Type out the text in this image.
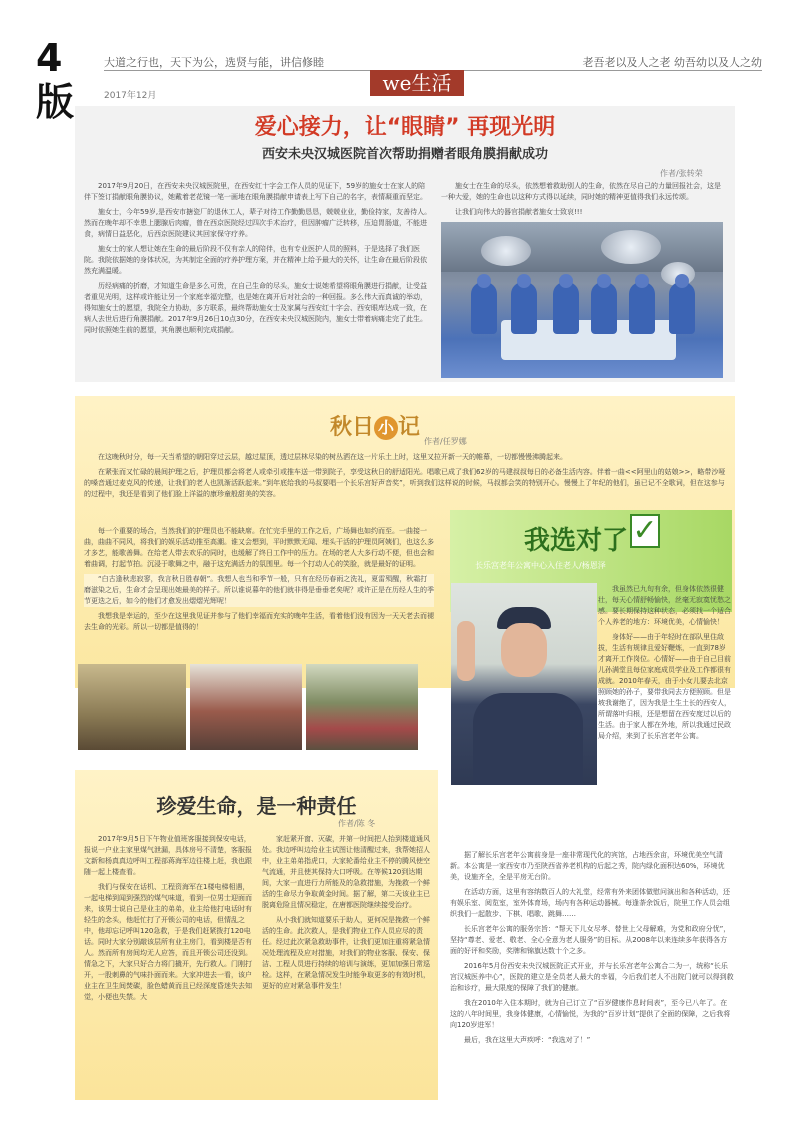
4版
大道之行也，天下为公，选贤与能，讲信修睦	老吾老以及人之老 幼吾幼以及人之幼
we生活
2017年12月
爱心接力，让“眼睛” 再现光明
西安未央汉城医院首次帮助捐赠者眼角膜捐献成功
作者/张转荣

2017年9月20日，在西安未央汉城医院里，在西安红十字会工作人员的见证下，59岁的施女士在家人的陪伴下签订捐献眼角膜协议，她戴着老花镜一笔一画地在眼角膜捐献申请表上写下自己的名字，表情凝重而坚定。

施女士，今年59岁,是西安市搪瓷厂的退休工人，辈子对待工作勤勤恳恳，兢兢业业，勤俭持家，友善待人。然而在晚年却不幸患上腮腺后肉瘤，曾在西京医院经过四次手术治疗，但因肿瘤广泛转移，压迫胃肠道，不能进食，病情日益恶化，后西京医院建议其回家保守疗养。

施女士的家人想让她在生命的最后阶段不仅有亲人的陪伴，也有专业医护人员的照料，于是选择了我们医院。我院依据她的身体状况，为其制定全面的疗养护理方案，并在精神上给予最大的关怀，让生命在最后阶段依然充满温暖。

历经病痛的折磨，才知道生命是多么可贵，在自己生命的尽头，施女士说她希望将眼角膜进行捐献，让受益者重见光明，这样或许能让另一个家庭幸福完整，也是她在离开后对社会的一种回报。多么伟大而真诚的举动，得知施女士的愿望，我院全力协助，多方联系，最终帮助施女士及家属与西安红十字会、西安眼库达成一致，在病人去世后进行角膜捐献。2017年9月26日10点30分，在西安未央汉城医院内，施女士带着病痛走完了此生。同时依照她生前的愿望，其角膜也顺利完成捐献。

施女士在生命的尽头，依然想着救助别人的生命，依然在尽自己的力量回报社会，这是一种大爱，她的生命也以这种方式得以延续，同时她的精神更值得我们永远传颂。

让我们向伟大的器官捐献者施女士致哀!!!

秋日 小 记
作者/任罗娜

在这晚秋时分，每一天当希望的朝阳穿过云层，越过屋顶，透过层林尽染的树丛洒在这一片乐土上时，这里又拉开新一天的帷幕，一切都慢慢沸腾起来。

在紧张而又忙碌的晨间护理之后，护理员都会将老人或牵引或推车送一带到院子，享受这秋日的舒适阳光。唱歌已成了我们62岁的马建叔叔每日的必备生活内容。伴着一曲<<阿里山的姑娘>>，略带沙哑的嗓音通过麦克风的传递，让我们的老人也凯渐活跃起来。”到年底给我的马叔要唱一个长乐宫好声音奖”，听到我们这样说的时候，马叔都会笑的特别开心。慢慢上了年纪的他们，虽已记不全歌词，但在这参与的过程中，我还是看到了他们脸上洋溢的康珍童般甜美的笑容。

每一个重要的场合，当然我们的护理员也不能缺席。在忙完手里的工作之后，广场舞也如约而至。一曲接一曲，曲曲不同风，将我们的娱乐活动推至高潮。谁又会想到，平时默默无闻、埋头干活的护理员阿姨们，也这么多才多艺，能歌善舞。在给老人带去欢乐的同时，也缓解了终日工作中的压力。在场的老人大多行动不便，但也会和着曲调，打起节拍。沉浸于歌舞之中，融于这充满活力的氛围里。每一个打动人心的笑脸，就是最好的证明。

“白古逢秋悲寂寥，我言秋日胜春朝”。我想人也当和季节一般，只有在经历春雨之洗礼，夏雷殒醒，秋霜打磨滋染之后，生命才会呈现出她最美的样子。所以谁说暮年的他们就非得是垂垂老矣呢？或许正是在历经人生的季节更迭之后，如今的他们才愈发出熠熠光辉呢！

我想我是幸运的，至少在这里我见证并参与了他们幸福而充实的晚年生活，看着他们没有因为一天天老去而褪去生命的光彩。所以一切都是值得的！

我选对了 ✓
长乐宫老年公寓中心入住老人/杨恩泽

我虽然已九旬有余，但身体依然很健壮，每天心情舒畅愉快，丝毫无寂寞忧愁之感。要长期保持这种状态，必须找一个适合个人养老的地方：环境优美，心情愉快！

身体好——由于年轻时在部队里住敌拔，生活有规律且爱好鞭炼，一直到78岁才离开工作岗位。心情好——由于自己目前儿孙满堂且每位家庭成员学业及工作都很有成就。2010年春天，由于小女儿要去北京照顾她的孙子，要带我同去方便照顾。但是坡我谢绝了，因为我是土生土长的西安人，所谓落叶归根，还是想留在西安度过以后的生活。由于家人都在外地，所以我通过民政局介绍，来到了长乐宫老年公寓。

据了解长乐宫老年公寓前身是一座非常现代化的宾馆，占地西余亩，环境优美空气清新。本公寓是一家西安市乃至陕西省养老机构的后起之秀，院内绿化面积达60%，环境优美，设施齐全，全是平房无台阶。

在活动方面，这里有容纳数百人的大礼堂，经常有外来团体做慰问演出和各种活动，还有娱乐室、阅览室，室外体育场，场内有各种运动器械。每逢荼余饭后，院里工作人员会组织我们一起散步、下棋、唱歌、跳舞……

长乐宫老年公寓的服务宗旨：“帮天下儿女尽孝、替世上父母解难，为党和政府分忧”，坚持“尊老、爱老、敬老、全心全意为老人服务”的目标。从2008年以来连续多年获得各方面的好评和奖励，奖牌和锦旗达数十个之多。

2016年5月份西安未央汉城医院正式开业，并与长乐宫老年公寓合二为一，统称“长乐宫汉城医养中心”，医院的建立是全员老人最大的幸福，今后我们老人不出院门就可以得到救治和诊疗，最大限度的保障了我们的健康。

我在2010年入住本期时，就为自己订立了“百岁健康作息时间表”，至今已八年了。在这的八年时间里，我身体健康，心情愉悦，为我的“百岁计划”提供了全面的保障，之后我将向120岁进军！

最后，我在这里大声疾呼：“我选对了！”

珍爱生命，是一种责任
作者/陈 冬

2017年9月5日下午物业值班客服接到保安电话，报说一户业主家里煤气泄漏，具体房号不清楚，客服报文新和杨真真边呼叫工程部蒋海军边往楼上赶，我也跟随一起上楼查看。

我们与保安在话机、工程资海军在1楼电梯相遇，一起电梯到闻到强烈的煤气味道，看到一位男士迎面而来，该男士说自己是业主的弟弟，业主给他打电话时有轻生的念头，他赶忙打了开锁公司的电话，但情乱之中，他却忘记呼叫120急救，于是我们赶紧拨打120电话。同时大家分别敲该层所有业主房门，看到楼是否有人。然而所有房间均无人应答，而且开锁公司还没到。情急之下，大家只好合力将门撬开，先行救人。门刚打开，一股刺鼻的气味扑面而来。大家冲进去一看，该户业主在卫生间焚碳，脸色蜡黄而且已经深度昏迷失去知觉，小便也失禁。大

家赶紧开窗、灭碳，并第一时间把人抬到楼道通风处。我边呼叫边给业主试图让他清醒过来，我帮她招人中，业主弟弟指虎口，大家轮番给业主不停的腾风使空气流通，并且使其保持大口呼吸。在等候120到达期间，大家一直进行力所能及的急救措施，为挽救一个鲜活的生命尽力争取黄金时间。据了解，第二天该业主已脱离危险且情况稳定，在唐都医院继续接受治疗。

从小我们就知道要乐于助人，更何况是挽救一个鲜活的生命。此次救人，是我们物业工作人员应尽的责任。经过此次紧急救助事件，让我们更加注重将紧急情况处理流程及应对措施，对我们的物业客服、保安、保洁、工程人员进行持续的培训与演练，更加加强日常巡检。这样，在紧急情况发生时能争取更多的有效时机，更好的应对紧急事件发生！
